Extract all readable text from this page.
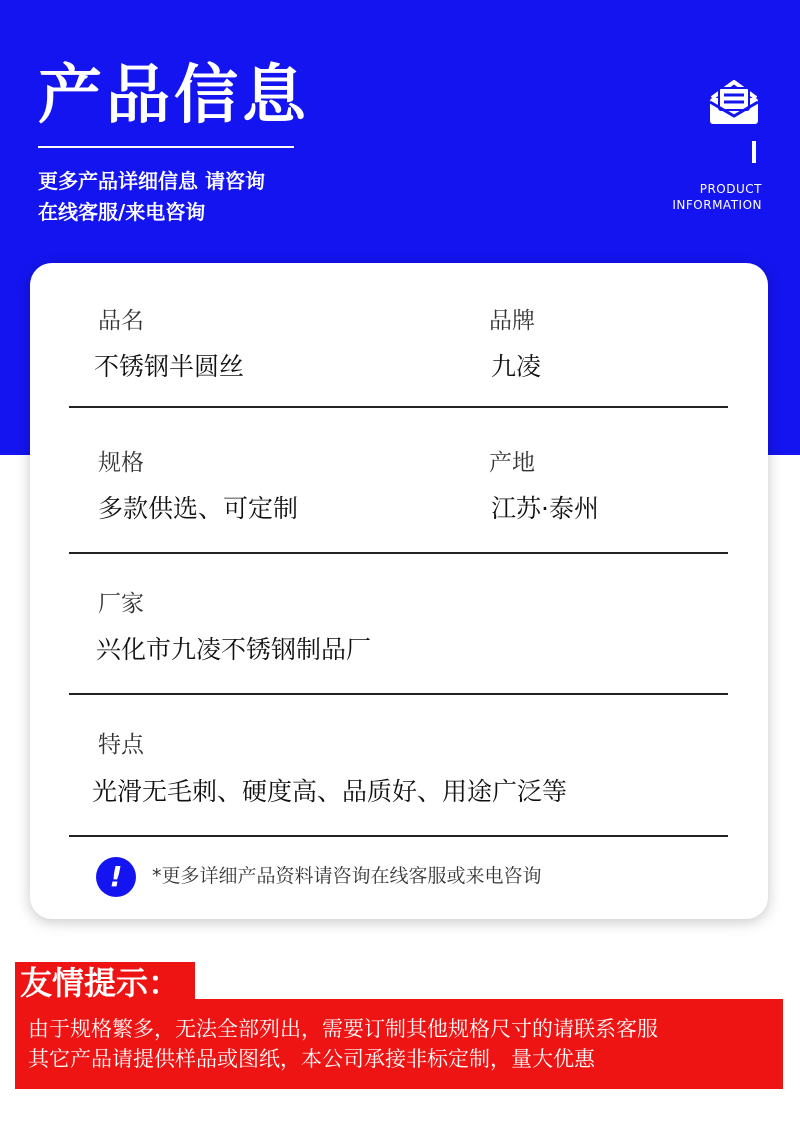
产品信息
更多产品详细信息 请咨询
在线客服/来电咨询
PRODUCT
INFORMATION
品名
不锈钢半圆丝
品牌
九凌
规格
多款供选、可定制
产地
江苏·泰州
厂家
兴化市九凌不锈钢制品厂
特点
光滑无毛刺、硬度高、品质好、用途广泛等
!	*更多详细产品资料请咨询在线客服或来电咨询
友情提示：
由于规格繁多，无法全部列出，需要订制其他规格尺寸的请联系客服
其它产品请提供样品或图纸，本公司承接非标定制，量大优惠
